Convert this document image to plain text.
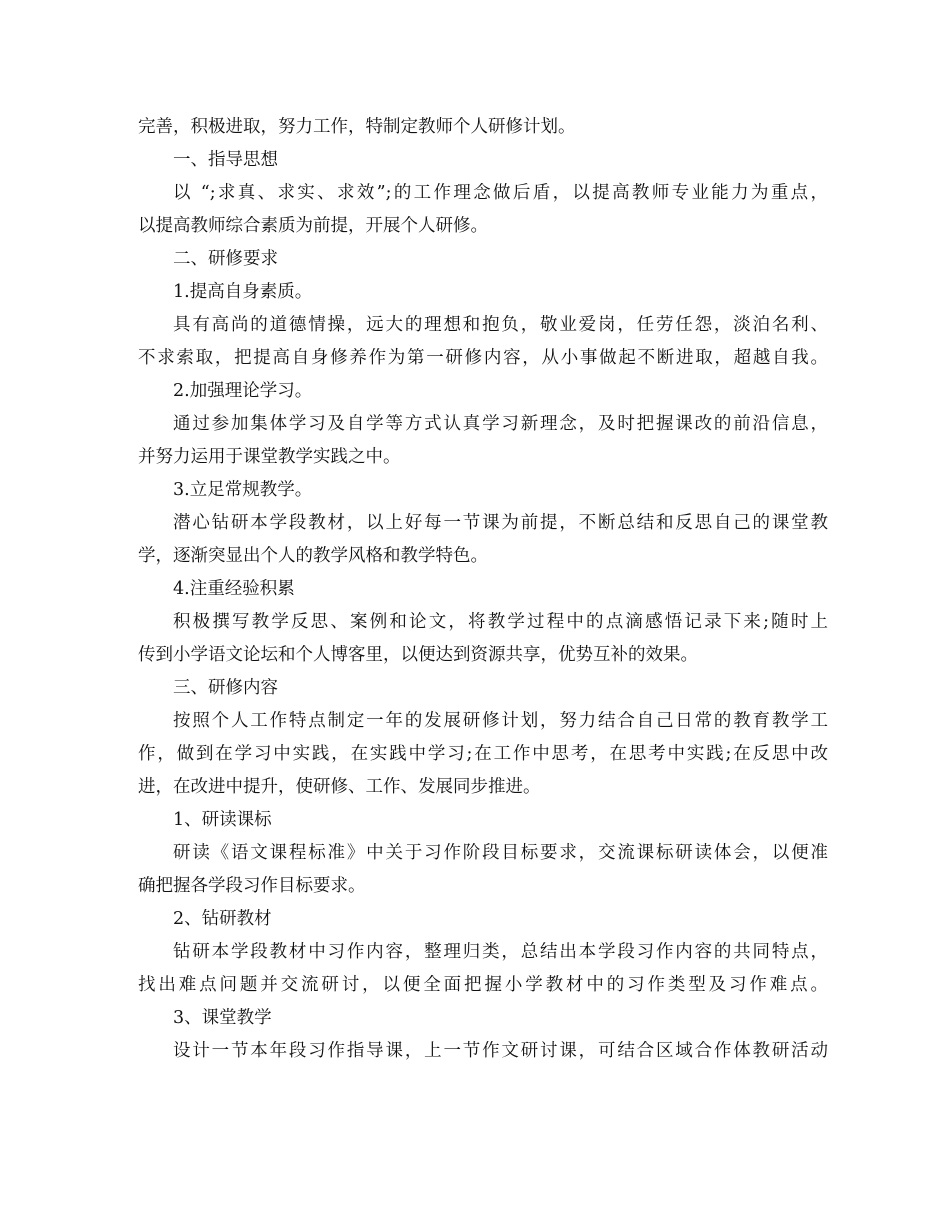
完善，积极进取，努力工作，特制定教师个人研修计划。
一、指导思想
以 “;求真、求实、求效”;的工作理念做后盾，以提高教师专业能力为重点，
以提高教师综合素质为前提，开展个人研修。
二、研修要求
1.提高自身素质。
具有高尚的道德情操，远大的理想和抱负，敬业爱岗，任劳任怨，淡泊名利、
不求索取，把提高自身修养作为第一研修内容，从小事做起不断进取，超越自我。
2.加强理论学习。
通过参加集体学习及自学等方式认真学习新理念，及时把握课改的前沿信息，
并努力运用于课堂教学实践之中。
3.立足常规教学。
潜心钻研本学段教材，以上好每一节课为前提，不断总结和反思自己的课堂教
学，逐渐突显出个人的教学风格和教学特色。
4.注重经验积累
积极撰写教学反思、案例和论文，将教学过程中的点滴感悟记录下来;随时上
传到小学语文论坛和个人博客里，以便达到资源共享，优势互补的效果。
三、研修内容
按照个人工作特点制定一年的发展研修计划，努力结合自己日常的教育教学工
作，做到在学习中实践，在实践中学习;在工作中思考，在思考中实践;在反思中改
进，在改进中提升，使研修、工作、发展同步推进。
1、研读课标
研读《语文课程标准》中关于习作阶段目标要求，交流课标研读体会，以便准
确把握各学段习作目标要求。
2、钻研教材
钻研本学段教材中习作内容，整理归类，总结出本学段习作内容的共同特点，
找出难点问题并交流研讨，以便全面把握小学教材中的习作类型及习作难点。
3、课堂教学
设计一节本年段习作指导课，上一节作文研讨课，可结合区域合作体教研活动
